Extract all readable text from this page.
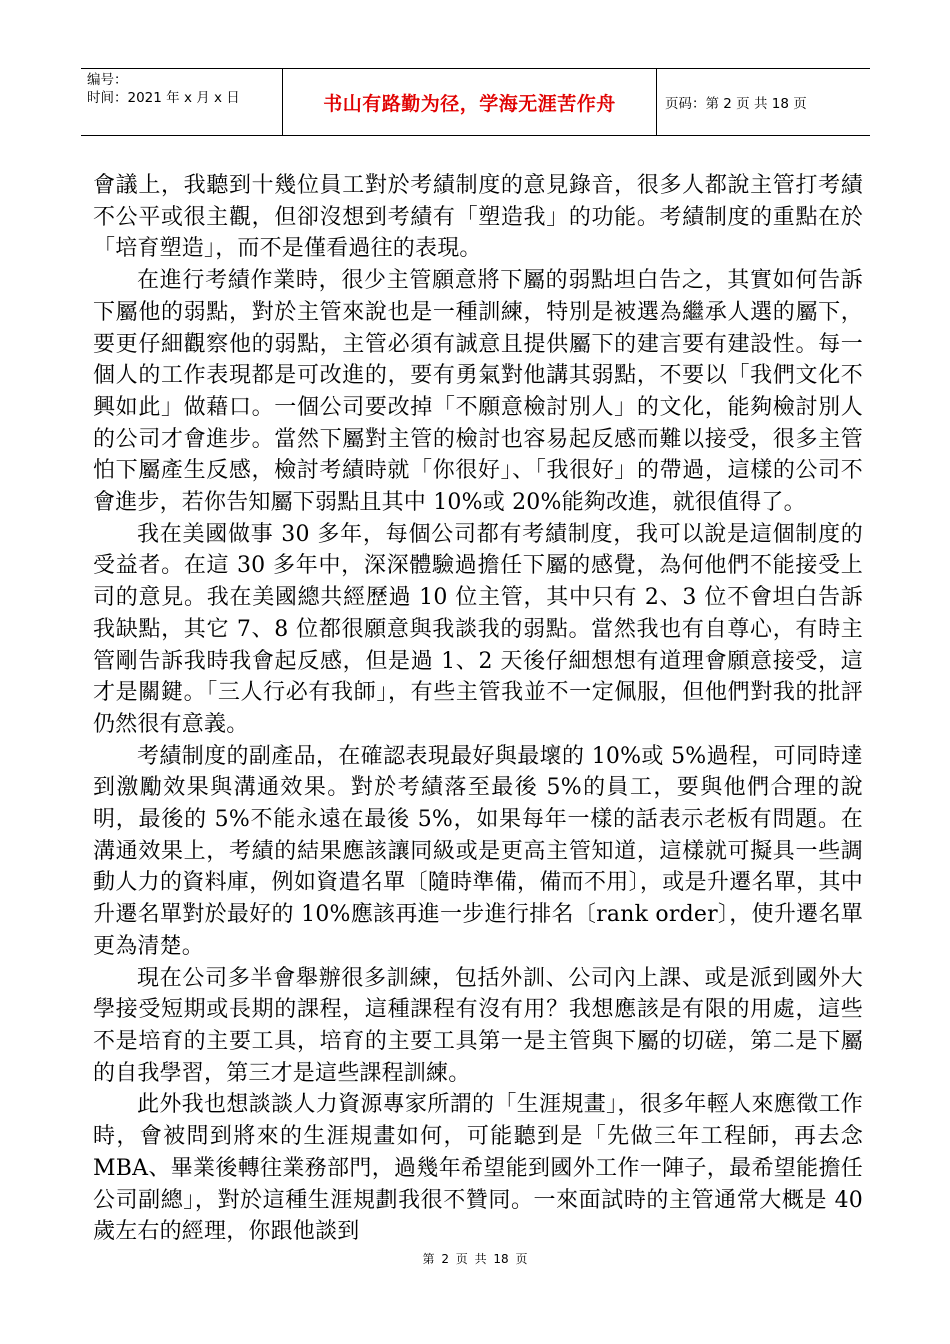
编号：
时间：2021 年 x 月 x 日	书山有路勤为径，学海无涯苦作舟	页码：第 2 页 共 18 页

會議上，我聽到十幾位員工對於考績制度的意見錄音，很多人都說主管打考績不公平或很主觀，但卻沒想到考績有「塑造我」的功能。考績制度的重點在於「培育塑造」，而不是僅看過往的表現。

在進行考績作業時，很少主管願意將下屬的弱點坦白告之，其實如何告訴下屬他的弱點，對於主管來說也是一種訓練，特別是被選為繼承人選的屬下，要更仔細觀察他的弱點，主管必須有誠意且提供屬下的建言要有建設性。每一個人的工作表現都是可改進的，要有勇氣對他講其弱點，不要以「我們文化不興如此」做藉口。一個公司要改掉「不願意檢討別人」的文化，能夠檢討別人的公司才會進步。當然下屬對主管的檢討也容易起反感而難以接受，很多主管怕下屬產生反感，檢討考績時就「你很好」、「我很好」的帶過，這樣的公司不會進步，若你告知屬下弱點且其中 10%或 20%能夠改進，就很值得了。

我在美國做事 30 多年，每個公司都有考績制度，我可以說是這個制度的受益者。在這 30 多年中，深深體驗過擔任下屬的感覺，為何他們不能接受上司的意見。我在美國總共經歷過 10 位主管，其中只有 2、3 位不會坦白告訴我缺點，其它 7、8 位都很願意與我談我的弱點。當然我也有自尊心，有時主管剛告訴我時我會起反感，但是過 1、2 天後仔細想想有道理會願意接受，這才是關鍵。「三人行必有我師」，有些主管我並不一定佩服，但他們對我的批評仍然很有意義。

考績制度的副產品，在確認表現最好與最壞的 10%或 5%過程，可同時達到激勵效果與溝通效果。對於考績落至最後 5%的員工，要與他們合理的說明，最後的 5%不能永遠在最後 5%，如果每年一樣的話表示老板有問題。在溝通效果上，考績的結果應該讓同級或是更高主管知道，這樣就可擬具一些調動人力的資料庫，例如資遣名單〔隨時準備，備而不用〕，或是升遷名單，其中升遷名單對於最好的 10%應該再進一步進行排名〔rank order〕，使升遷名單更為清楚。

現在公司多半會舉辦很多訓練，包括外訓、公司內上課、或是派到國外大學接受短期或長期的課程，這種課程有沒有用？我想應該是有限的用處，這些不是培育的主要工具，培育的主要工具第一是主管與下屬的切磋，第二是下屬的自我學習，第三才是這些課程訓練。

此外我也想談談人力資源專家所謂的「生涯規畫」，很多年輕人來應徵工作時，會被問到將來的生涯規畫如何，可能聽到是「先做三年工程師，再去念 MBA、畢業後轉往業務部門，過幾年希望能到國外工作一陣子，最希望能擔任公司副總」，對於這種生涯規劃我很不贊同。一來面試時的主管通常大概是 40 歲左右的經理，你跟他談到

第 2 页 共 18 页
